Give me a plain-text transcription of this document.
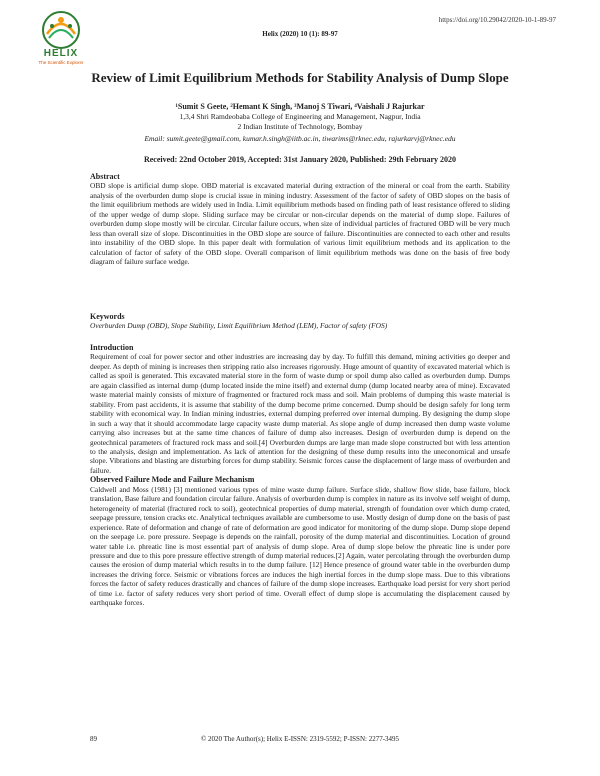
HELIX
The Scientific Explorer
https://doi.org/10.29042/2020-10-1-89-97
Helix (2020) 10 (1): 89-97
Review of Limit Equilibrium Methods for Stability Analysis of Dump Slope
¹Sumit S Geete, ²Hemant K Singh, ³Manoj S Tiwari, ⁴Vaishali J Rajurkar
1,3,4 Shri Ramdeobaba College of Engineering and Management, Nagpur, India
2 Indian Institute of Technology, Bombay
Email: sumit.geete@gmail.com, kumar.h.singh@iitb.ac.in, tiwarims@rknec.edu, rajurkarvj@rknec.edu
Received: 22nd October 2019, Accepted: 31st January 2020, Published: 29th February 2020
Abstract
OBD slope is artificial dump slope. OBD material is excavated material during extraction of the mineral or coal from the earth. Stability analysis of the overburden dump slope is crucial issue in mining industry. Assessment of the factor of safety of OBD slopes on the basis of the limit equilibrium methods are widely used in India. Limit equilibrium methods based on finding path of least resistance offered to sliding of the upper wedge of dump slope. Sliding surface may be circular or non-circular depends on the material of dump slope. Failures of overburden dump slope mostly will be circular. Circular failure occurs, when size of individual particles of fractured OBD will be very much less than overall size of slope. Discontinuities in the OBD slope are source of failure. Discontinuities are connected to each other and results into instability of the OBD slope. In this paper dealt with formulation of various limit equilibrium methods and its application to the calculation of factor of safety of the OBD slope. Overall comparison of limit equilibrium methods was done on the basis of free body diagram of failure surface wedge.
Keywords
Overburden Dump (OBD), Slope Stability, Limit Equilibrium Method (LEM), Factor of safety (FOS)
Introduction
Requirement of coal for power sector and other industries are increasing day by day. To fulfill this demand, mining activities go deeper and deeper. As depth of mining is increases then stripping ratio also increases rigorously. Huge amount of quantity of excavated material which is called as spoil is generated. This excavated material store in the form of waste dump or spoil dump also called as overburden dump. Dumps are again classified as internal dump (dump located inside the mine itself) and external dump (dump located nearby area of mine). Excavated waste material mainly consists of mixture of fragmented or fractured rock mass and soil. Main problems of dumping this waste material is stability. From past accidents, it is assume that stability of the dump become prime concerned. Dump should be design safely for long term stability with economical way. In Indian mining industries, external dumping preferred over internal dumping. By designing the dump slope in such a way that it should accommodate large capacity waste dump material. As slope angle of dump increased then dump waste volume carrying also increases but at the same time chances of failure of dump also increases. Design of overburden dump is depend on the geotechnical parameters of fractured rock mass and soil.[4] Overburden dumps are large man made slope constructed but with less attention to the analysis, design and implementation. As lack of attention for the designing of these dump results into the uneconomical and unsafe slope. Vibrations and blasting are disturbing forces for dump stability. Seismic forces cause the displacement of large mass of overburden and failure.
Observed Failure Mode and Failure Mechanism
Caldwell and Moss (1981) [3] mentioned various types of mine waste dump failure. Surface slide, shallow flow slide, base failure, block translation, Base failure and foundation circular failure. Analysis of overburden dump is complex in nature as its involve self weight of dump, heterogeneity of material (fractured rock to soil), geotechnical properties of dump material, strength of foundation over which dump crated, seepage pressure, tension cracks etc. Analytical techniques available are cumbersome to use. Mostly design of dump done on the basis of past experience. Rate of deformation and change of rate of deformation are good indicator for monitoring of the dump slope. Dump slope depend on the seepage i.e. pore pressure. Seepage is depends on the rainfall, porosity of the dump material and discontinuities. Location of ground water table i.e. phreatic line is most essential part of analysis of dump slope. Area of dump slope below the phreatic line is under pore pressure and due to this pore pressure effective strength of dump material reduces.[2] Again, water percolating through the overburden dump causes the erosion of dump material which results in to the dump failure. [12] Hence presence of ground water table in the overburden dump increases the driving force. Seismic or vibrations forces are induces the high inertial forces in the dump slope mass. Due to this vibrations forces the factor of safety reduces drastically and chances of failure of the dump slope increases. Earthquake load persist for very short period of time i.e. factor of safety reduces very short period of time. Overall effect of dump slope is accumulating the displacement caused by earthquake forces.
89	© 2020 The Author(s); Helix E-ISSN: 2319-5592; P-ISSN: 2277-3495
